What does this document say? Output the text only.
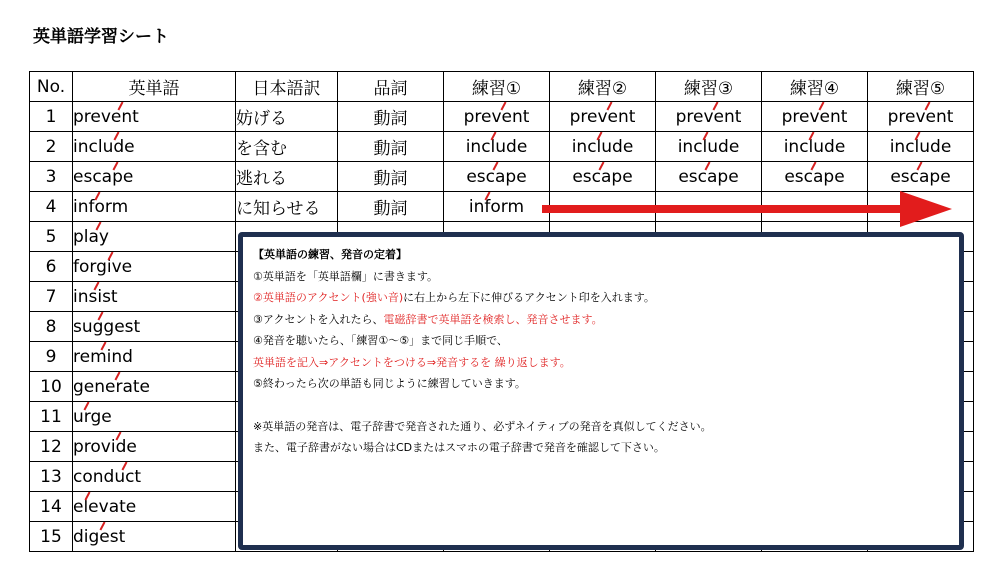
英単語学習シート
No.	英単語	日本語訳	品詞	練習①	練習②	練習③	練習④	練習⑤
1	prevent	妨げる	動詞	prevent	prevent	prevent	prevent	prevent

2	include	を含む	動詞	include	include	include	include	include

3	escape	逃れる	動詞	escape	escape	escape	escape	escape

4	inform	に知らせる	動詞	inform

5	play

6	forgive

7	insist

8	suggest

9	remind

10	generate

11	urge

12	provide

13	conduct

14	elevate

15	digest

【英単語の練習、発音の定着】
①英単語を「英単語欄」に書きます。
②英単語のアクセント(強い音)に右上から左下に伸びるアクセント印を入れます。
③アクセントを入れたら、電磁辞書で英単語を検索し、発音させます。
④発音を聴いたら、「練習①〜⑤」まで同じ手順で、
英単語を記入⇒アクセントをつける⇒発音するを 繰り返します。
⑤終わったら次の単語も同じように練習していきます。
※英単語の発音は、電子辞書で発音された通り、必ずネイティブの発音を真似してください。
また、電子辞書がない場合はCDまたはスマホの電子辞書で発音を確認して下さい。
